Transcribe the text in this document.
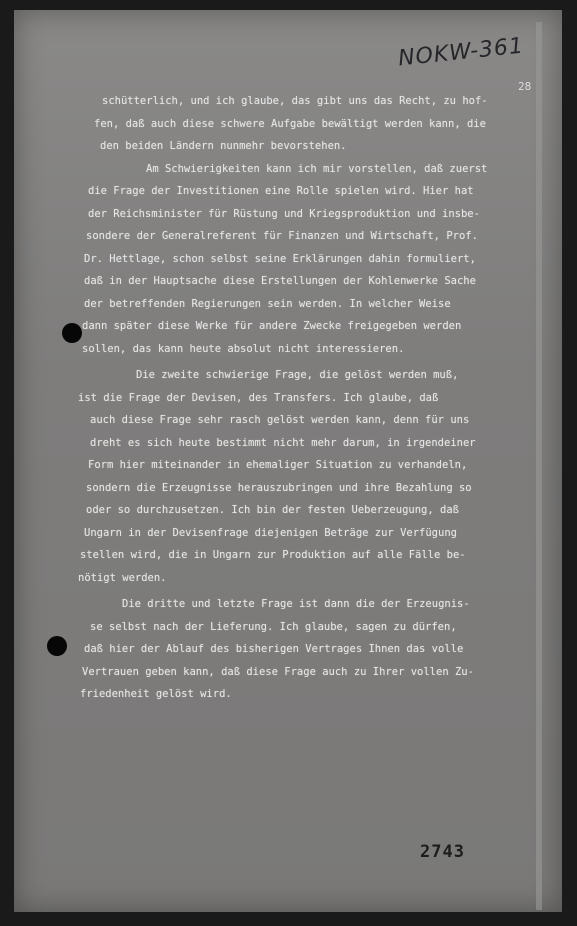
NOKW-361
28
schütterlich, und ich glaube, das gibt uns das Recht, zu hof-
fen, daß auch diese schwere Aufgabe bewältigt werden kann, die
den beiden Ländern nunmehr bevorstehen.
Am Schwierigkeiten kann ich mir vorstellen, daß zuerst
die Frage der Investitionen eine Rolle spielen wird. Hier hat
der Reichsminister für Rüstung und Kriegsproduktion und insbe-
sondere der Generalreferent für Finanzen und Wirtschaft, Prof.
Dr. Hettlage, schon selbst seine Erklärungen dahin formuliert,
daß in der Hauptsache diese Erstellungen der Kohlenwerke Sache
der betreffenden Regierungen sein werden. In welcher Weise
dann später diese Werke für andere Zwecke freigegeben werden
sollen, das kann heute absolut nicht interessieren.
Die zweite schwierige Frage, die gelöst werden muß,
ist die Frage der Devisen, des Transfers. Ich glaube, daß
auch diese Frage sehr rasch gelöst werden kann, denn für uns
dreht es sich heute bestimmt nicht mehr darum, in irgendeiner
Form hier miteinander in ehemaliger Situation zu verhandeln,
sondern die Erzeugnisse herauszubringen und ihre Bezahlung so
oder so durchzusetzen. Ich bin der festen Ueberzeugung, daß
Ungarn in der Devisenfrage diejenigen Beträge zur Verfügung
stellen wird, die in Ungarn zur Produktion auf alle Fälle be-
nötigt werden.
Die dritte und letzte Frage ist dann die der Erzeugnis-
se selbst nach der Lieferung. Ich glaube, sagen zu dürfen,
daß hier der Ablauf des bisherigen Vertrages Ihnen das volle
Vertrauen geben kann, daß diese Frage auch zu Ihrer vollen Zu-
friedenheit gelöst wird.
2743
